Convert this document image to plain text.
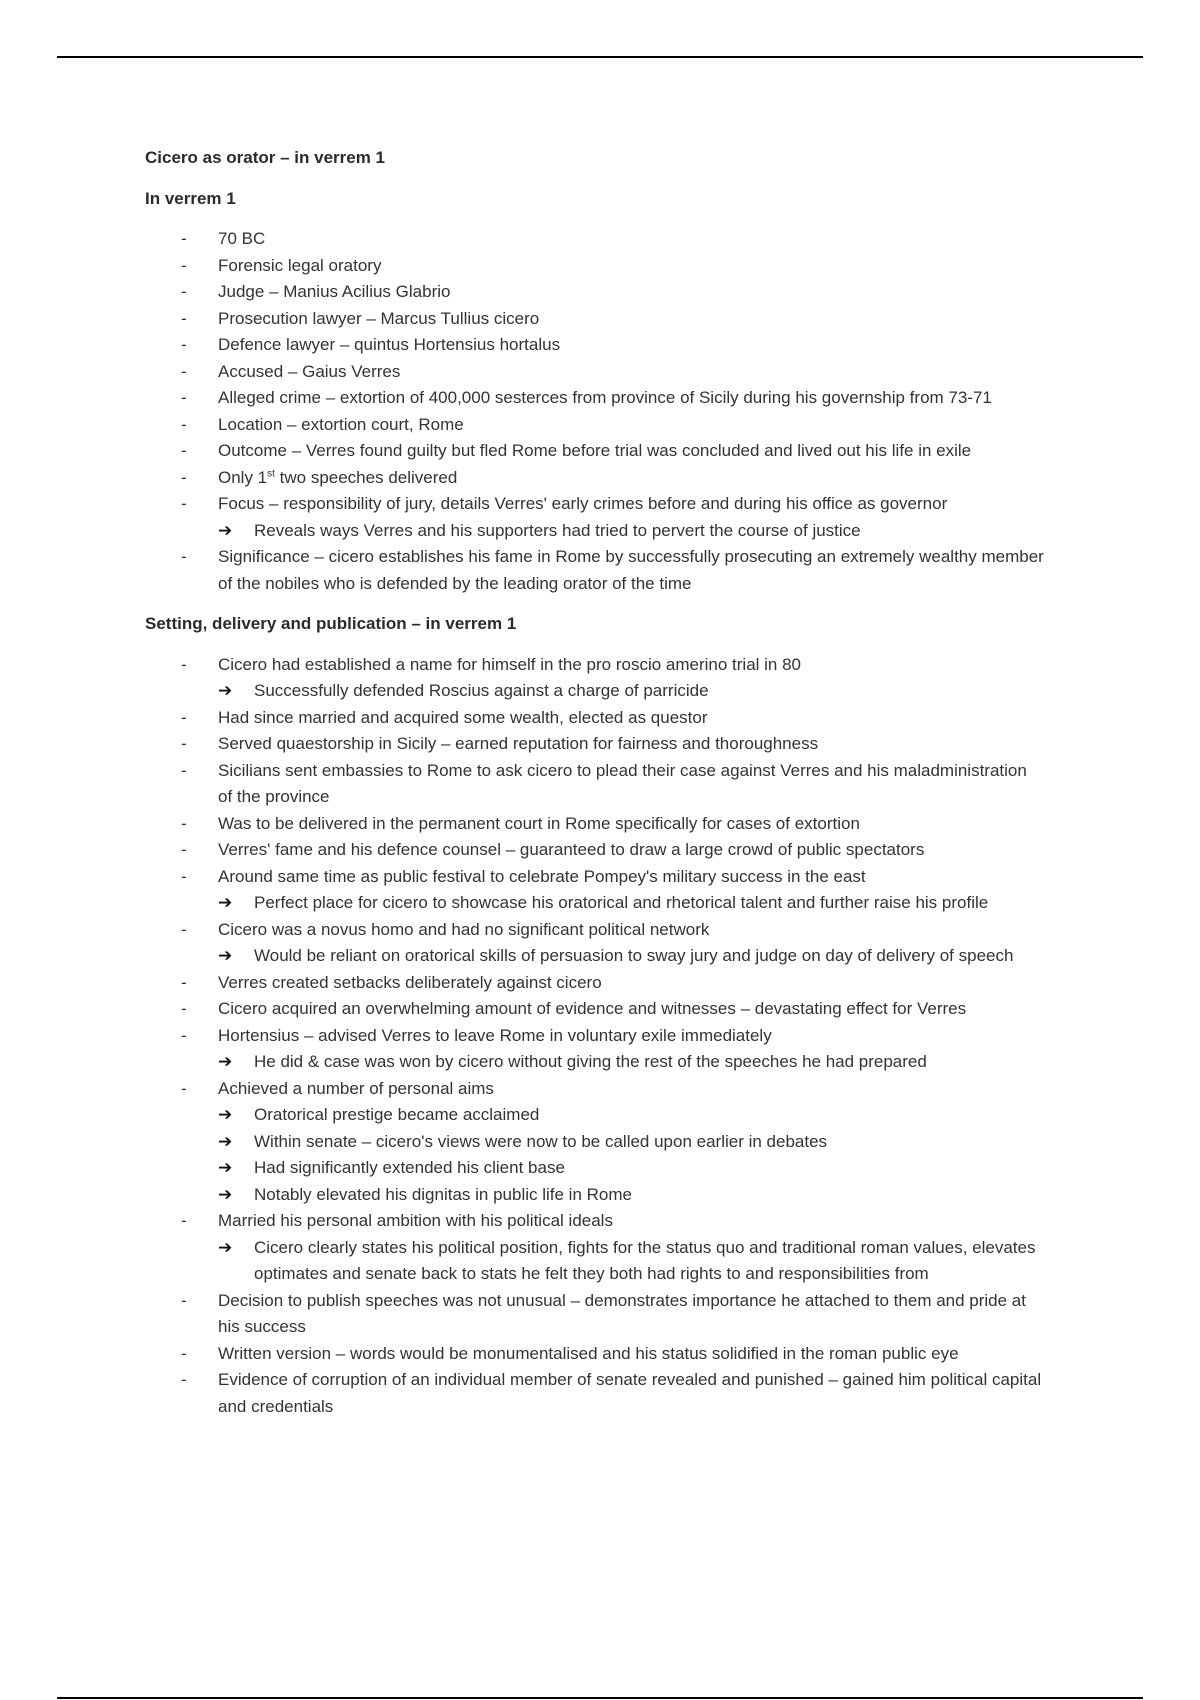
Cicero as orator – in verrem 1
In verrem 1
- 70 BC
- Forensic legal oratory
- Judge – Manius Acilius Glabrio
- Prosecution lawyer – Marcus Tullius cicero
- Defence lawyer – quintus Hortensius hortalus
- Accused – Gaius Verres
- Alleged crime – extortion of 400,000 sesterces from province of Sicily during his governship from 73-71
- Location – extortion court, Rome
- Outcome – Verres found guilty but fled Rome before trial was concluded and lived out his life in exile
- Only 1st two speeches delivered
- Focus – responsibility of jury, details Verres' early crimes before and during his office as governor
➔ Reveals ways Verres and his supporters had tried to pervert the course of justice
- Significance – cicero establishes his fame in Rome by successfully prosecuting an extremely wealthy member of the nobiles who is defended by the leading orator of the time
Setting, delivery and publication – in verrem 1
- Cicero had established a name for himself in the pro roscio amerino trial in 80
➔ Successfully defended Roscius against a charge of parricide
- Had since married and acquired some wealth, elected as questor
- Served quaestorship in Sicily – earned reputation for fairness and thoroughness
- Sicilians sent embassies to Rome to ask cicero to plead their case against Verres and his maladministration of the province
- Was to be delivered in the permanent court in Rome specifically for cases of extortion
- Verres' fame and his defence counsel – guaranteed to draw a large crowd of public spectators
- Around same time as public festival to celebrate Pompey's military success in the east
➔ Perfect place for cicero to showcase his oratorical and rhetorical talent and further raise his profile
- Cicero was a novus homo and had no significant political network
➔ Would be reliant on oratorical skills of persuasion to sway jury and judge on day of delivery of speech
- Verres created setbacks deliberately against cicero
- Cicero acquired an overwhelming amount of evidence and witnesses – devastating effect for Verres
- Hortensius – advised Verres to leave Rome in voluntary exile immediately
➔ He did & case was won by cicero without giving the rest of the speeches he had prepared
- Achieved a number of personal aims
➔ Oratorical prestige became acclaimed
➔ Within senate – cicero's views were now to be called upon earlier in debates
➔ Had significantly extended his client base
➔ Notably elevated his dignitas in public life in Rome
- Married his personal ambition with his political ideals
➔ Cicero clearly states his political position, fights for the status quo and traditional roman values, elevates optimates and senate back to stats he felt they both had rights to and responsibilities from
- Decision to publish speeches was not unusual – demonstrates importance he attached to them and pride at his success
- Written version – words would be monumentalised and his status solidified in the roman public eye
- Evidence of corruption of an individual member of senate revealed and punished – gained him political capital and credentials
